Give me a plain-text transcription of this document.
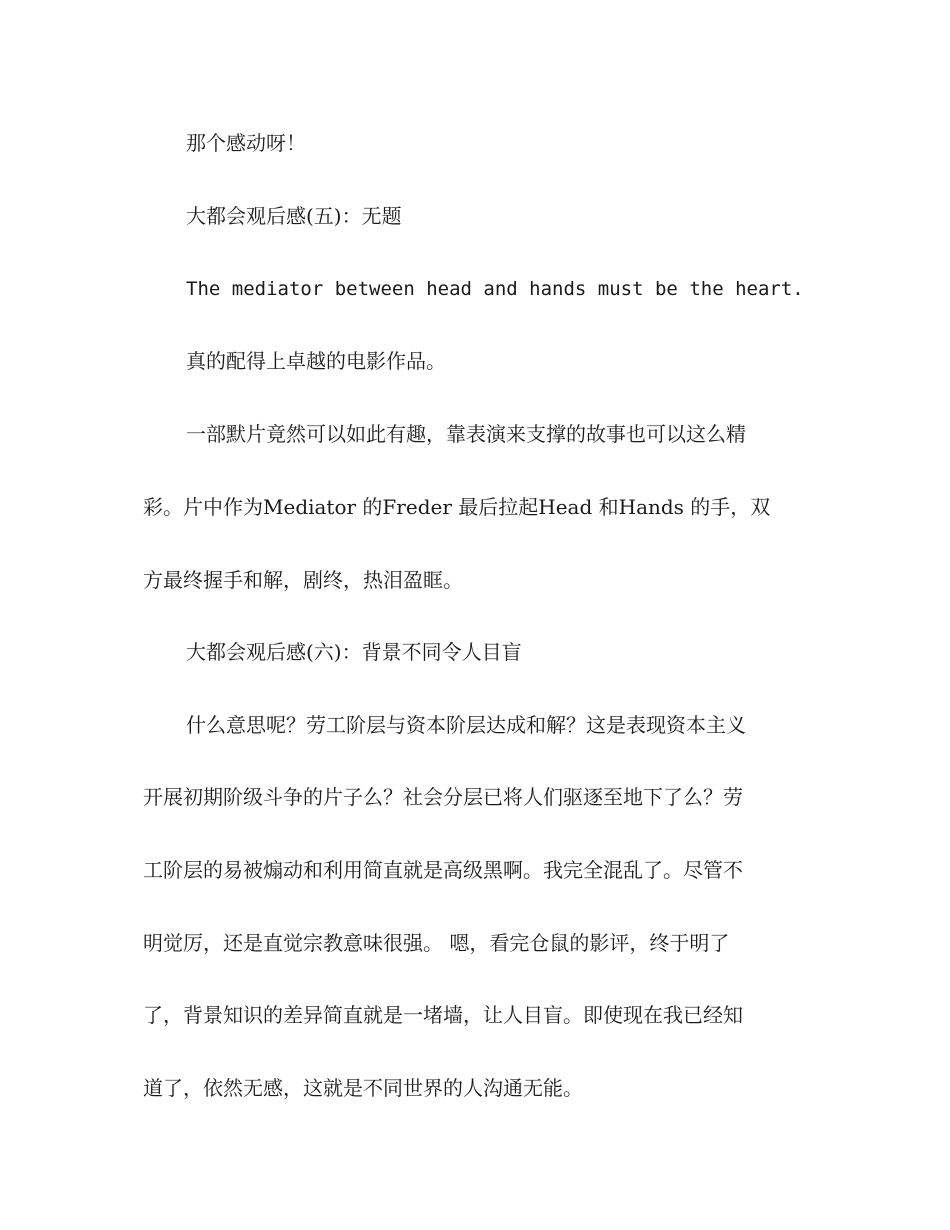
那个感动呀！
大都会观后感(五)：无题
The mediator between head and hands must be the heart.
真的配得上卓越的电影作品。
一部默片竟然可以如此有趣，靠表演来支撑的故事也可以这么精
彩。片中作为Mediator 的Freder 最后拉起Head 和Hands 的手，双
方最终握手和解，剧终，热泪盈眶。
大都会观后感(六)：背景不同令人目盲
什么意思呢？劳工阶层与资本阶层达成和解？这是表现资本主义
开展初期阶级斗争的片子么？社会分层已将人们驱逐至地下了么？劳
工阶层的易被煽动和利用简直就是高级黑啊。我完全混乱了。尽管不
明觉厉，还是直觉宗教意味很强。 嗯，看完仓鼠的影评，终于明了
了，背景知识的差异简直就是一堵墙，让人目盲。即使现在我已经知
道了，依然无感，这就是不同世界的人沟通无能。
